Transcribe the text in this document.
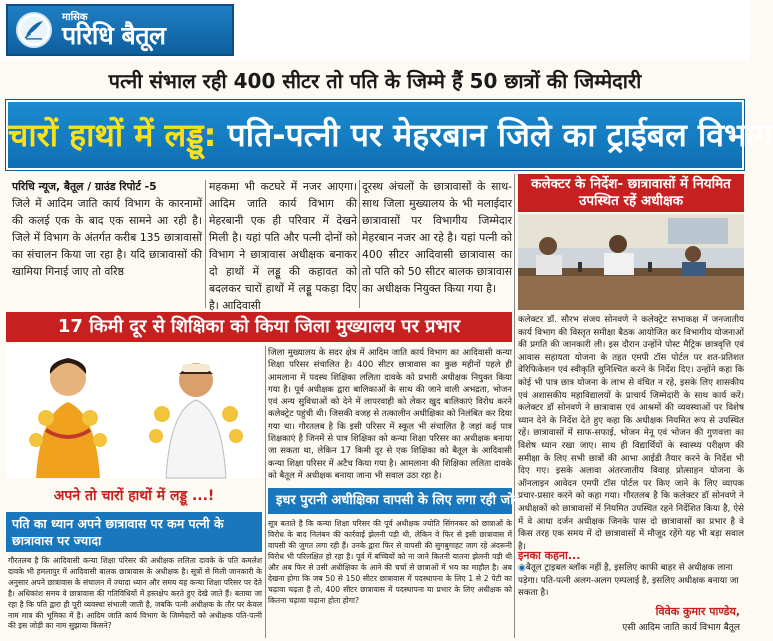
मासिक
परिधि बैतूल
पत्नी संभाल रही 400 सीटर तो पति के जिम्मे हैं 50 छात्रों की जिम्मेदारी
चारों हाथों में लड्डू: पति-पत्नी पर मेहरबान जिले का ट्राईबल विभाग
परिधि न्यूज, बैतूल / ग्राउंड रिपोर्ट -5
जिले में आदिम जाति कार्य विभाग के कारनामों की कलई एक के बाद एक सामने आ रही है। जिले में विभाग के अंतर्गत करीब 135 छात्रावासों का संचालन किया जा रहा है। यदि छात्रावासों की खामिया गिनाई जाए तो वरिष्ठ
महकमा भी कटघरे में नजर आएगा। आदिम जाति कार्य विभाग की मेहरबानी एक ही परिवार में देखने मिली है। यहां पति और पत्नी दोनों को विभाग ने छात्रावास अधीक्षक बनाकर दो हाथों में लड्डू की कहावत को बदलकर चारों हाथों में लड्डू पकड़ा दिए है। आदिवासी
दूरस्थ अंचलों के छात्रावासों के साथ-साथ जिला मुख्यालय के भी मलाईदार छात्रावासों पर विभागीय जिम्मेदार मेहरबान नजर आ रहे है। यहां पत्नी को 400 सीटर आदिवासी छात्रावास का तो पति को 50 सीटर बालक छात्रावास का अधीक्षक नियुक्त किया गया है।
कलेक्टर के निर्देश- छात्रावासों में नियमित उपस्थित रहें अधीक्षक
कलेक्टर डॉ. सौरभ संजय सोनवणे ने कलेक्ट्रेट सभाकक्ष में जनजातीय कार्य विभाग की विस्तृत समीक्षा बैठक आयोजित कर विभागीय योजनाओं की प्रगति की जानकारी ली। इस दौरान उन्होंने पोस्ट मैट्रिक छात्रवृत्ति एवं आवास सहायता योजना के तहत एमपी टॉस पोर्टल पर शत-प्रतिशत वेरिफिकेशन एवं स्वीकृति सुनिश्चित करने के निर्देश दिए। उन्होंने कहा कि कोई भी पात्र छात्र योजना के लाभ से वंचित न रहे, इसके लिए शासकीय एवं अशासकीय महाविद्यालयों के प्राचार्य जिम्मेदारी के साथ कार्य करें। कलेक्टर डॉ सोनवणे ने छात्रावास एवं आश्रमों की व्यवस्थाओं पर विशेष ध्यान देने के निर्देश देते हुए कहा कि अधीक्षक नियमित रूप से उपस्थित रहें। छात्रावासों में साफ-सफाई, भोजन मेनू एवं भोजन की गुणवत्ता का विशेष ध्यान रखा जाए। साथ ही विद्यार्थियों के स्वास्थ्य परीक्षण की समीक्षा के लिए सभी छात्रों की आभा आईडी तैयार करने के निर्देश भी दिए गए। इसके अलावा अंतरजातीय विवाह प्रोत्साहन योजना के ऑनलाइन आवेदन एमपी टॉस पोर्टल पर किए जाने के लिए व्यापक प्रचार-प्रसार करने को कहा गया। गौरतलब है कि कलेक्टर डॉ सोनवणे ने अधीक्षकों को छात्रावासों में नियमित उपस्थित रहने निर्देशित किया है, ऐसे में वे आधा दर्जन अधीक्षक जिनके पास दो छात्रावासों का प्रभार है वे किस तरह एक समय में दो छात्रावासों में मौजूद रहेंगे यह भी बड़ा सवाल है।
इनका कहना...
◉बैतूल ट्राइबल ब्लॉक नहीं है, इसलिए काफी बाहर से अधीक्षक लाना पड़ेगा। पति-पत्नी अलग-अलग एम्पलाई है, इसलिए अधीक्षक बनाया जा सकता है।
विवेक कुमार पाण्डेय,
एसी आदिम जाति कार्य विभाग बैतूल
17 किमी दूर से शिक्षिका को किया जिला मुख्यालय पर प्रभार
अपने तो चारों हाथों में लड्डू ...!
जिला मुख्यालय के सदर क्षेत्र में आदिम जाति कार्य विभाग का आदिवासी कन्या शिक्षा परिसर संचालित है। 400 सीटर छात्रावास का कुछ महीनों पहले ही आमलाना में पदस्थ शिक्षिका ललिता दावके को प्रभारी अधीक्षक नियुक्त किया गया है। पूर्व अधीक्षक द्वारा बालिकाओं के साथ की जाने वाली अभद्रता, भोजन एवं अन्य सुविधाओं को देने में लापरवाही को लेकर खुद बालिकाएं विरोध करने कलेक्ट्रेट पहुंची थी। जिसकी वजह से तत्कालीन अधीक्षिका को निलंबित कर दिया गया था। गौरतलब है कि इसी परिसर में स्कूल भी संचालित है जहां कई पात्र शिक्षकाएं है जिनमें से पात्र शिक्षिका को कन्या शिक्षा परिसर का अधीक्षक बनाया जा सकता था, लेकिन 17 किमी दूर से एक शिक्षिका को बैतूल के आदिवासी कन्या शिक्षा परिसर में अटैच किया गया है। आमलाना की शिक्षिका ललिता दावके को बैतूल में अधीक्षक बनाया जाना भी सवाल उठा रहा है।
पति का ध्यान अपने छात्रावास पर कम पत्नी के छात्रावास पर ज्यादा
गौरतलब है कि आदिवासी कन्या शिक्षा परिसर की अधीक्षक ललिता दावके के पति कमलेश दावके भी हमलापुर में आदिवासी बालक छात्रावास के अधीक्षक है। सूत्रों से मिली जानकारी के अनुसार अपने छात्रावास के संचालन में ज्यादा ध्यान और समय यह कन्या शिक्षा परिसर पर देते है। अधिकांश समय वे छात्रावास की गतिविधियों में हस्तक्षेप करते हुए देखे जाते हैं। बताया जा रहा है कि पति द्वारा ही पूरी व्यवस्था संभाली जाती है, जबकि पत्नी अधीक्षक के तौर पर केवल नाम मात्र की भूमिका में है। आदिम जाति कार्य विभाग के जिम्मेदारों को अधीक्षक पति-पत्नी की इस जोड़ी का नाम सुझाया किसने?
इधर पुरानी अधीक्षिका वापसी के लिए लगा रही जोर
सूत्र बताते है कि कन्या शिक्षा परिसर की पूर्व अधीक्षक ज्योति सिंगनकर को छात्राओं के विरोध के बाद निलंबन की कार्रवाई झेलनी पड़ी थी, लेकिन वे फिर से इसी छात्रावास में वापसी की जुगत लगा रही हैं। उनके द्वारा फिर से वापसी की सुगबुगाहट जाग रहे अंदरूनी विरोध भी परिलक्षित हो रहा है। पूर्व में बच्चियों को ना जाने कितनी यातना झेलनी पड़ी थी और अब फिर से उसी अधीक्षिका के आने की चर्चा से छात्राओं में भय का माहौल है। अब देखना होगा कि जब 50 से 150 सीटर छात्रावास में पदस्थापना के लिए 1 से 2 पेटी का चढ़ावा चढ़ता है तो, 400 सीटर छात्रावास में पदस्थापना या प्रभार के लिए अधीक्षक को कितना चढ़ावा चढ़ाना होता होगा?
